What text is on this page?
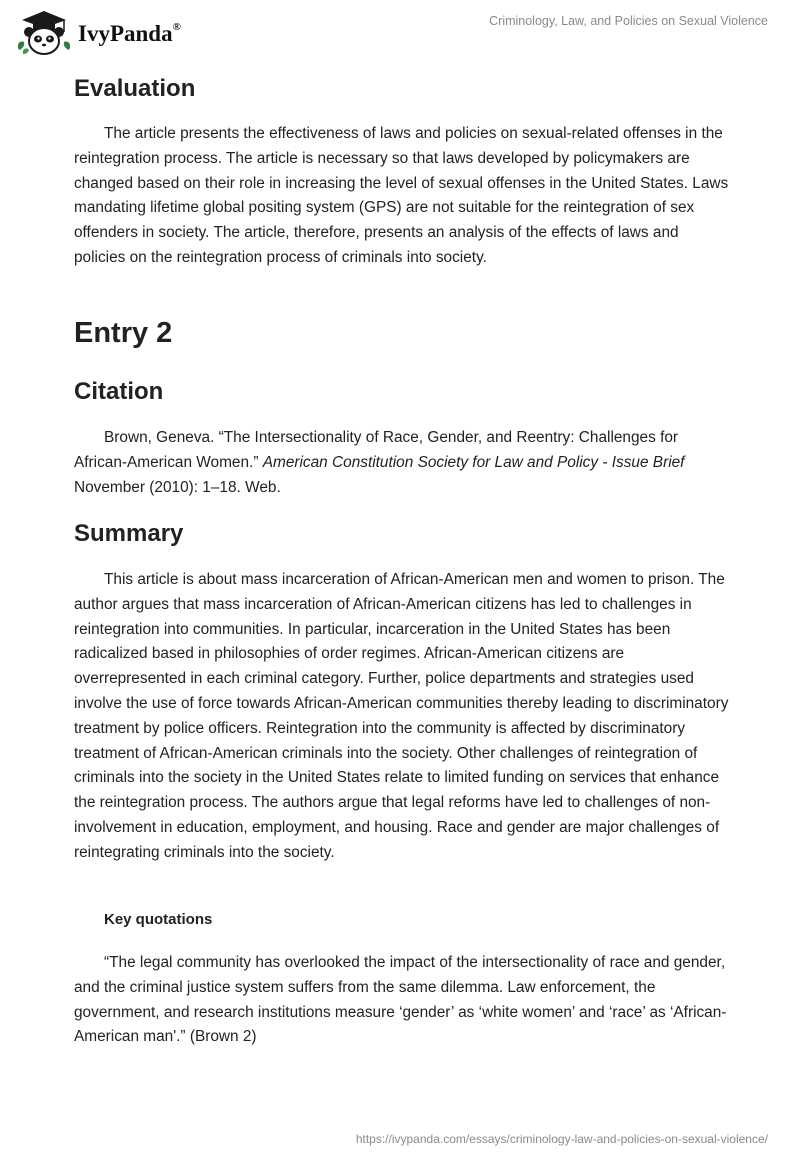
IvyPanda®	Criminology, Law, and Policies on Sexual Violence
Evaluation

The article presents the effectiveness of laws and policies on sexual-related offenses in the reintegration process. The article is necessary so that laws developed by policymakers are changed based on their role in increasing the level of sexual offenses in the United States. Laws mandating lifetime global positing system (GPS) are not suitable for the reintegration of sex offenders in society. The article, therefore, presents an analysis of the effects of laws and policies on the reintegration process of criminals into society.

Entry 2
Citation

Brown, Geneva. “The Intersectionality of Race, Gender, and Reentry: Challenges for African-American Women.” American Constitution Society for Law and Policy - Issue Brief November (2010): 1–18. Web.

Summary

This article is about mass incarceration of African-American men and women to prison. The author argues that mass incarceration of African-American citizens has led to challenges in reintegration into communities. In particular, incarceration in the United States has been radicalized based in philosophies of order regimes. African-American citizens are overrepresented in each criminal category. Further, police departments and strategies used involve the use of force towards African-American communities thereby leading to discriminatory treatment by police officers. Reintegration into the community is affected by discriminatory treatment of African-American criminals into the society. Other challenges of reintegration of criminals into the society in the United States relate to limited funding on services that enhance the reintegration process. The authors argue that legal reforms have led to challenges of non-involvement in education, employment, and housing. Race and gender are major challenges of reintegrating criminals into the society.

Key quotations

“The legal community has overlooked the impact of the intersectionality of race and gender, and the criminal justice system suffers from the same dilemma. Law enforcement, the government, and research institutions measure ‘gender’ as ‘white women’ and ‘race’ as ‘African-American man'.” (Brown 2)

https://ivypanda.com/essays/criminology-law-and-policies-on-sexual-violence/
